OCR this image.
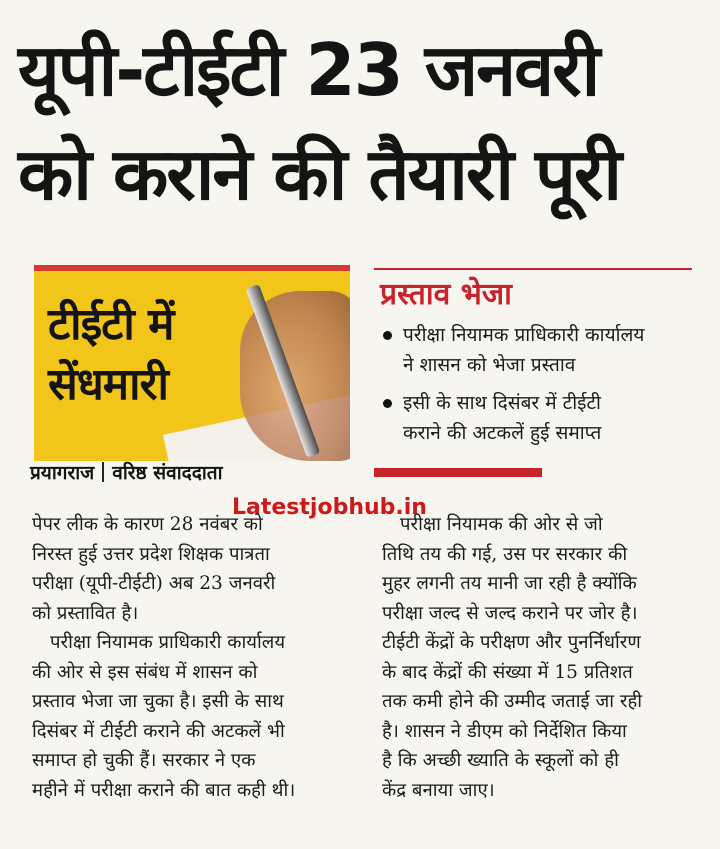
यूपी-टीईटी 23 जनवरी
को कराने की तैयारी पूरी
टीईटी में
सेंधमारी
प्रयागराज वरिष्ठ संवाददाता
Latestjobhub.in
प्रस्ताव भेजा
परीक्षा नियामक प्राधिकारी कार्यालय
ने शासन को भेजा प्रस्ताव
इसी के साथ दिसंबर में टीईटी
कराने की अटकलें हुई समाप्त
पेपर लीक के कारण 28 नवंबर को
निरस्त हुई उत्तर प्रदेश शिक्षक पात्रता
परीक्षा (यूपी-टीईटी) अब 23 जनवरी
को प्रस्तावित है।
परीक्षा नियामक प्राधिकारी कार्यालय
की ओर से इस संबंध में शासन को
प्रस्ताव भेजा जा चुका है। इसी के साथ
दिसंबर में टीईटी कराने की अटकलें भी
समाप्त हो चुकी हैं। सरकार ने एक
महीने में परीक्षा कराने की बात कही थी।
परीक्षा नियामक की ओर से जो
तिथि तय की गई, उस पर सरकार की
मुहर लगनी तय मानी जा रही है क्योंकि
परीक्षा जल्द से जल्द कराने पर जोर है।
टीईटी केंद्रों के परीक्षण और पुनर्निर्धारण
के बाद केंद्रों की संख्या में 15 प्रतिशत
तक कमी होने की उम्मीद जताई जा रही
है। शासन ने डीएम को निर्देशित किया
है कि अच्छी ख्याति के स्कूलों को ही
केंद्र बनाया जाए।
